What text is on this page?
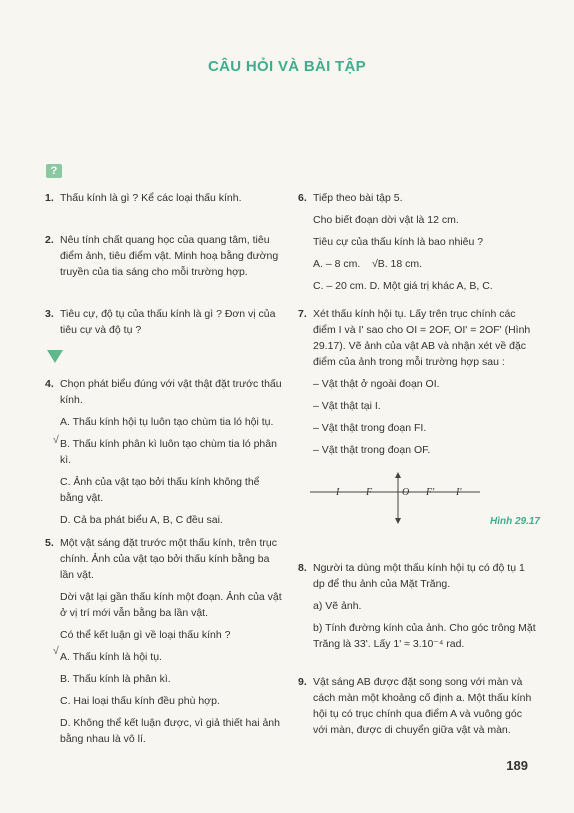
CÂU HỎI VÀ BÀI TẬP
?
1. Thấu kính là gì ? Kể các loại thấu kính.

2. Nêu tính chất quang học của quang tâm, tiêu điểm ảnh, tiêu điểm vật. Minh hoạ bằng đường truyền của tia sáng cho mỗi trường hợp.

3. Tiêu cự, độ tụ của thấu kính là gì ? Đơn vị của tiêu cự và độ tụ ?

4. Chọn phát biểu đúng với vật thật đặt trước thấu kính.

A. Thấu kính hội tụ luôn tạo chùm tia ló hội tụ.

√ B. Thấu kính phân kì luôn tạo chùm tia ló phân kì.

C. Ảnh của vật tạo bởi thấu kính không thể bằng vật.

D. Cả ba phát biểu A, B, C đều sai.

5. Một vật sáng đặt trước một thấu kính, trên trục chính. Ảnh của vật tạo bởi thấu kính bằng ba lần vật.

Dời vật lại gần thấu kính một đoạn. Ảnh của vật ở vị trí mới vẫn bằng ba lần vật.

Có thể kết luận gì về loại thấu kính ?

√ A. Thấu kính là hội tụ.

B. Thấu kính là phân kì.

C. Hai loại thấu kính đều phù hợp.

D. Không thể kết luận được, vì giả thiết hai ảnh bằng nhau là vô lí.

6. Tiếp theo bài tập 5.

Cho biết đoạn dời vật là 12 cm.

Tiêu cự của thấu kính là bao nhiêu ?

A. – 8 cm. √B. 18 cm.

C. – 20 cm. D. Một giá trị khác A, B, C.

7. Xét thấu kính hội tụ. Lấy trên trục chính các điểm I và I' sao cho OI = 2OF, OI' = 2OF' (Hình 29.17). Vẽ ảnh của vật AB và nhận xét về đặc điểm của ảnh trong mỗi trường hợp sau :

– Vật thật ở ngoài đoạn OI.

– Vật thật tại I.

– Vật thật trong đoạn FI.

– Vật thật trong đoạn OF.

8. Người ta dùng một thấu kính hội tụ có độ tụ 1 dp để thu ảnh của Mặt Trăng.

a) Vẽ ảnh.

b) Tính đường kính của ảnh. Cho góc trông Mặt Trăng là 33'. Lấy 1' ≈ 3.10⁻⁴ rad.

9. Vật sáng AB được đặt song song với màn và cách màn một khoảng cố định a. Một thấu kính hội tụ có trục chính qua điểm A và vuông góc với màn, được di chuyển giữa vật và màn.

I	F	O F' I'
Hình 29.17
189
